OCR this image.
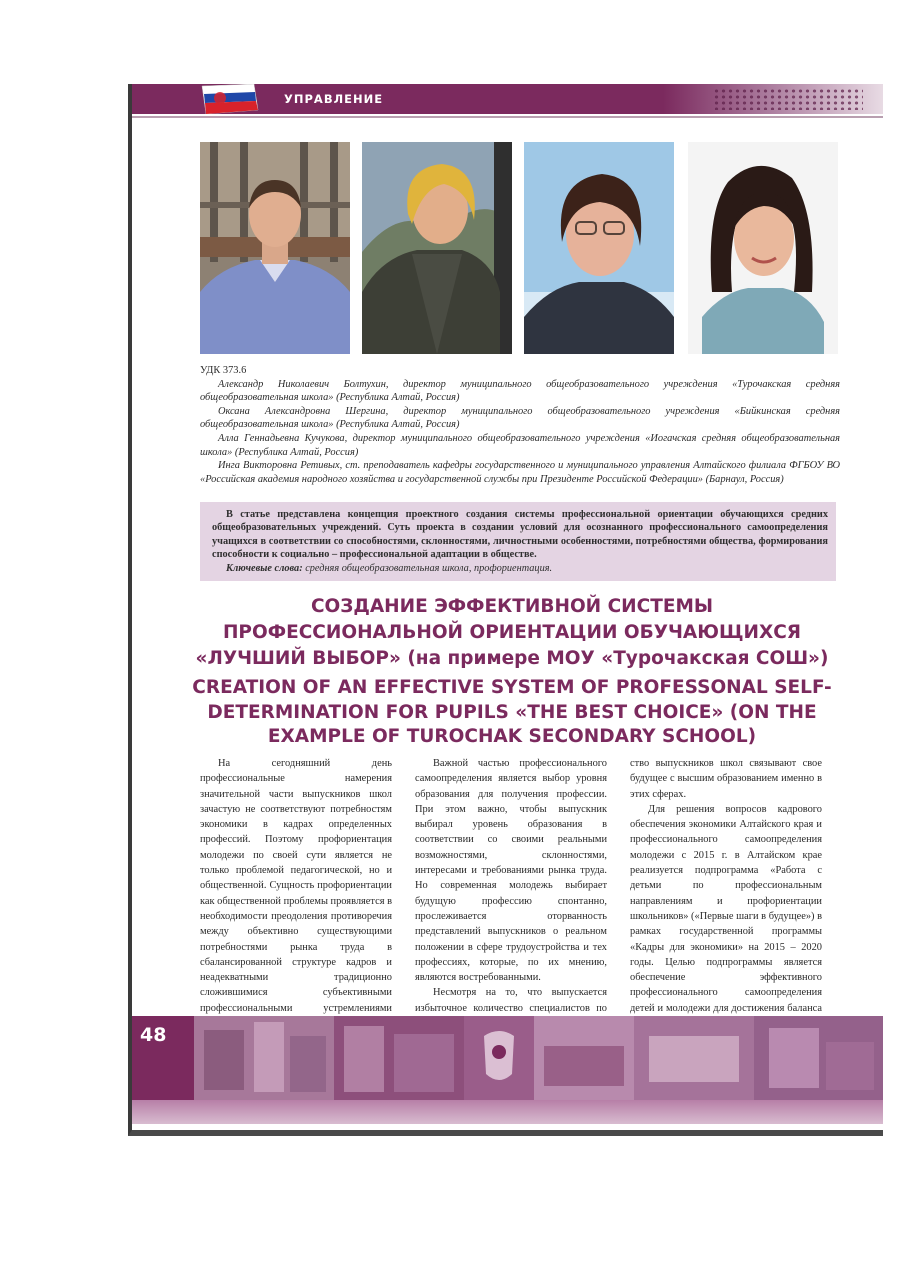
УПРАВЛЕНИЕ
УДК 373.6

Александр Николаевич Болтухин, директор муниципального общеобразовательного учреждения «Турочакская средняя общеобразовательная школа» (Республика Алтай, Россия)

Оксана Александровна Шергина, директор муниципального общеобразовательного учреждения «Бийкинская средняя общеобразовательная школа» (Республика Алтай, Россия)

Алла Геннадьевна Кучукова, директор муниципального общеобразовательного учреждения «Иогачская средняя общеобразовательная школа» (Республика Алтай, Россия)

Инга Викторовна Ретивых, ст. преподаватель кафедры государственного и муниципального управления Алтайского филиала ФГБОУ ВО «Российская академия народного хозяйства и государственной службы при Президенте Российской Федерации» (Барнаул, Россия)

В статье представлена концепция проектного создания системы профессиональной ориентации обучающихся средних общеобразовательных учреждений. Суть проекта в создании условий для осознанного профессионального самоопределения учащихся в соответствии со способностями, склонностями, личностными особенностями, потребностями общества, формирования способности к социально – профессиональной адаптации в обществе.

Ключевые слова: средняя общеобразовательная школа, профориентация.

СОЗДАНИЕ ЭФФЕКТИВНОЙ СИСТЕМЫ
ПРОФЕССИОНАЛЬНОЙ ОРИЕНТАЦИИ ОБУЧАЮЩИХСЯ
«ЛУЧШИЙ ВЫБОР» (на примере МОУ «Турочакская СОШ»)
CREATION OF AN EFFECTIVE SYSTEM OF PROFESSONAL SELF-
DETERMINATION FOR PUPILS «THE BEST CHOICE» (ON THE
EXAMPLE OF TUROCHAK SECONDARY SCHOOL)

На сегодняшний день профессиональные намерения значительной части выпускников школ зачастую не соответствуют потребностям экономики в кадрах определенных профессий. Поэтому профориентация молодежи по своей сути является не только проблемой педагогической, но и общественной. Сущность профориентации как общественной проблемы проявляется в необходимости преодоления противоречия между объективно существующими потребностями рынка труда в сбалансированной структуре кадров и неадекватными традиционно сложившимися субъективными профессиональными устремлениями

Важной частью профессионального самоопределения является выбор уровня образования для получения профессии. При этом важно, чтобы выпускник выбирал уровень образования в соответствии со своими реальными возможностями, склонностями, интересами и требованиями рынка труда. Но современная молодежь выбирает будущую профессию спонтанно, прослеживается оторванность представлений выпускников о реальном положении в сфере трудоустройства и тех профессиях, которые, по их мнению, являются востребованными.

Несмотря на то, что выпускается избыточное количество специалистов по

ство выпускников школ связывают свое будущее с высшим образованием именно в этих сферах.

Для решения вопросов кадрового обеспечения экономики Алтайского края и профессионального самоопределения молодежи с 2015 г. в Алтайском крае реализуется подпрограмма «Работа с детьми по профессиональным направлениям и профориентации школьников» («Первые шаги в будущее») в рамках государственной программы «Кадры для экономики» на 2015 – 2020 годы. Целью подпрограммы является обеспечение эффективного профессионального самоопределения детей и молодежи для достижения баланса

48
